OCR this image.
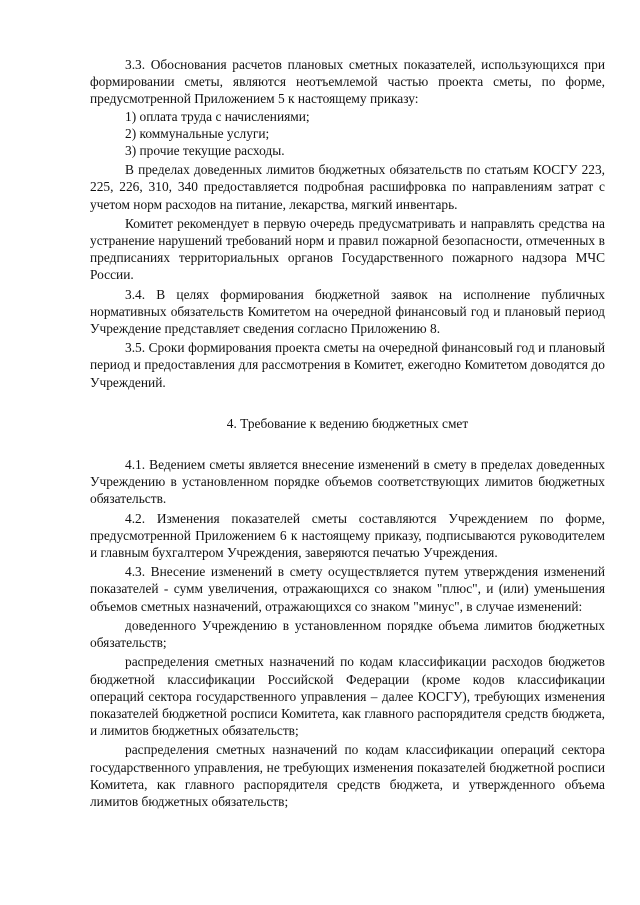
3.3. Обоснования расчетов плановых сметных показателей, использующихся при формировании сметы, являются неотъемлемой частью проекта сметы, по форме, предусмотренной Приложением 5 к настоящему приказу:

1) оплата труда с начислениями;

2) коммунальные услуги;

3) прочие текущие расходы.

В пределах доведенных лимитов бюджетных обязательств по статьям КОСГУ 223, 225, 226, 310, 340 предоставляется подробная расшифровка по направлениям затрат с учетом норм расходов на питание, лекарства, мягкий инвентарь.

Комитет рекомендует в первую очередь предусматривать и направлять средства на устранение нарушений требований норм и правил пожарной безопасности, отмеченных в предписаниях территориальных органов Государственного пожарного надзора МЧС России.

3.4. В целях формирования бюджетной заявок на исполнение публичных нормативных обязательств Комитетом на очередной финансовый год и плановый период Учреждение представляет сведения согласно Приложению 8.

3.5. Сроки формирования проекта сметы на очередной финансовый год и плановый период и предоставления для рассмотрения в Комитет, ежегодно Комитетом доводятся до Учреждений.

4. Требование к ведению бюджетных смет

4.1. Ведением сметы является внесение изменений в смету в пределах доведенных Учреждению в установленном порядке объемов соответствующих лимитов бюджетных обязательств.

4.2. Изменения показателей сметы составляются Учреждением по форме, предусмотренной Приложением 6 к настоящему приказу, подписываются руководителем и главным бухгалтером Учреждения, заверяются печатью Учреждения.

4.3. Внесение изменений в смету осуществляется путем утверждения изменений показателей - сумм увеличения, отражающихся со знаком "плюс", и (или) уменьшения объемов сметных назначений, отражающихся со знаком "минус", в случае изменений:

доведенного Учреждению в установленном порядке объема лимитов бюджетных обязательств;

распределения сметных назначений по кодам классификации расходов бюджетов бюджетной классификации Российской Федерации (кроме кодов классификации операций сектора государственного управления – далее КОСГУ), требующих изменения показателей бюджетной росписи Комитета, как главного распорядителя средств бюджета, и лимитов бюджетных обязательств;

распределения сметных назначений по кодам классификации операций сектора государственного управления, не требующих изменения показателей бюджетной росписи Комитета, как главного распорядителя средств бюджета, и утвержденного объема лимитов бюджетных обязательств;
